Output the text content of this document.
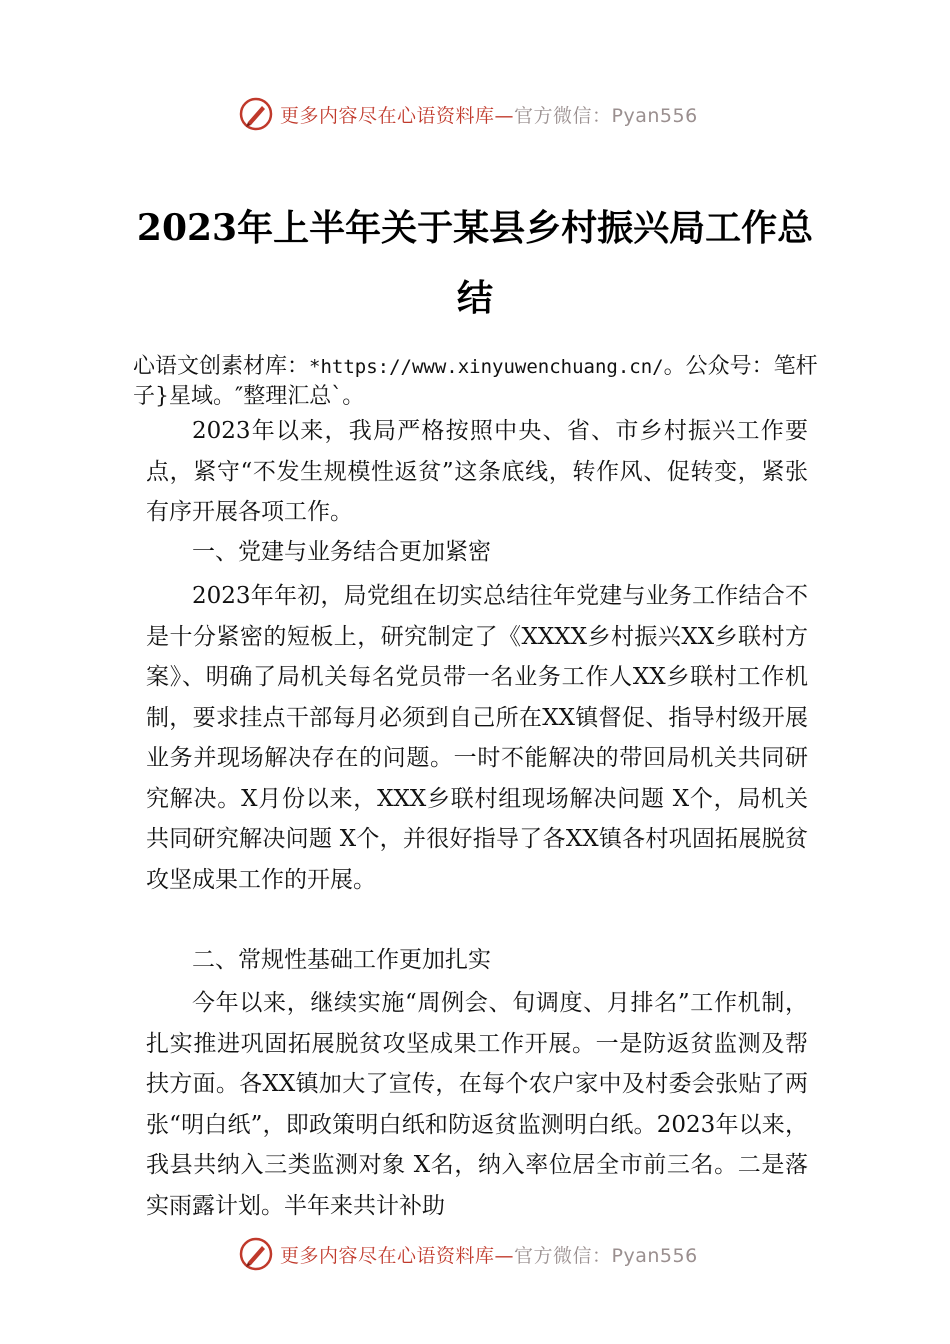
更多内容尽在心语资料库—官方微信：Pyan556
2023年上半年关于某县乡村振兴局工作总结

心语文创素材库：*https://www.xinyuwenchuang.cn/。公众号：笔杆子}星域。″整理汇总`。

2023年以来，我局严格按照中央、省、市乡村振兴工作要点，紧守“不发生规模性返贫”这条底线，转作风、促转变，紧张有序开展各项工作。

一、党建与业务结合更加紧密

2023年年初，局党组在切实总结往年党建与业务工作结合不是十分紧密的短板上，研究制定了《XXXX乡村振兴XX乡联村方案》、明确了局机关每名党员带一名业务工作人XX乡联村工作机制，要求挂点干部每月必须到自己所在XX镇督促、指导村级开展业务并现场解决存在的问题。一时不能解决的带回局机关共同研究解决。X月份以来，XXX乡联村组现场解决问题 X个，局机关共同研究解决问题 X个，并很好指导了各XX镇各村巩固拓展脱贫攻坚成果工作的开展。

二、常规性基础工作更加扎实

今年以来，继续实施“周例会、旬调度、月排名”工作机制，扎实推进巩固拓展脱贫攻坚成果工作开展。一是防返贫监测及帮扶方面。各XX镇加大了宣传，在每个农户家中及村委会张贴了两张“明白纸”，即政策明白纸和防返贫监测明白纸。2023年以来，我县共纳入三类监测对象 X名，纳入率位居全市前三名。二是落实雨露计划。半年来共计补助

更多内容尽在心语资料库—官方微信：Pyan556
